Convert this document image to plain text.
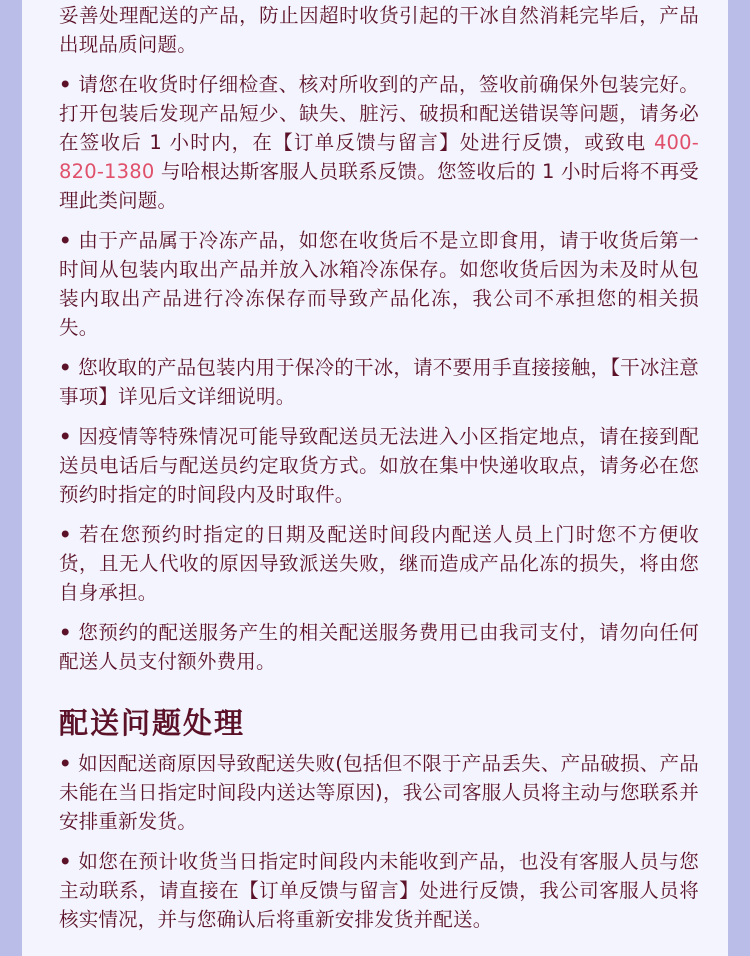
妥善处理配送的产品，防止因超时收货引起的干冰自然消耗完毕后，产品出现品质问题。

• 请您在收货时仔细检查、核对所收到的产品，签收前确保外包装完好。打开包装后发现产品短少、缺失、脏污、破损和配送错误等问题，请务必在签收后 1 小时内，在【订单反馈与留言】处进行反馈，或致电 400-820-1380 与哈根达斯客服人员联系反馈。您签收后的 1 小时后将不再受理此类问题。

• 由于产品属于冷冻产品，如您在收货后不是立即食用，请于收货后第一时间从包装内取出产品并放入冰箱冷冻保存。如您收货后因为未及时从包装内取出产品进行冷冻保存而导致产品化冻，我公司不承担您的相关损失。

• 您收取的产品包装内用于保冷的干冰，请不要用手直接接触，【干冰注意事项】详见后文详细说明。

• 因疫情等特殊情况可能导致配送员无法进入小区指定地点，请在接到配送员电话后与配送员约定取货方式。如放在集中快递收取点，请务必在您预约时指定的时间段内及时取件。

• 若在您预约时指定的日期及配送时间段内配送人员上门时您不方便收货，且无人代收的原因导致派送失败，继而造成产品化冻的损失，将由您自身承担。

• 您预约的配送服务产生的相关配送服务费用已由我司支付，请勿向任何配送人员支付额外费用。

配送问题处理

• 如因配送商原因导致配送失败(包括但不限于产品丢失、产品破损、产品未能在当日指定时间段内送达等原因)，我公司客服人员将主动与您联系并安排重新发货。

• 如您在预计收货当日指定时间段内未能收到产品，也没有客服人员与您主动联系，请直接在【订单反馈与留言】处进行反馈，我公司客服人员将核实情况，并与您确认后将重新安排发货并配送。
